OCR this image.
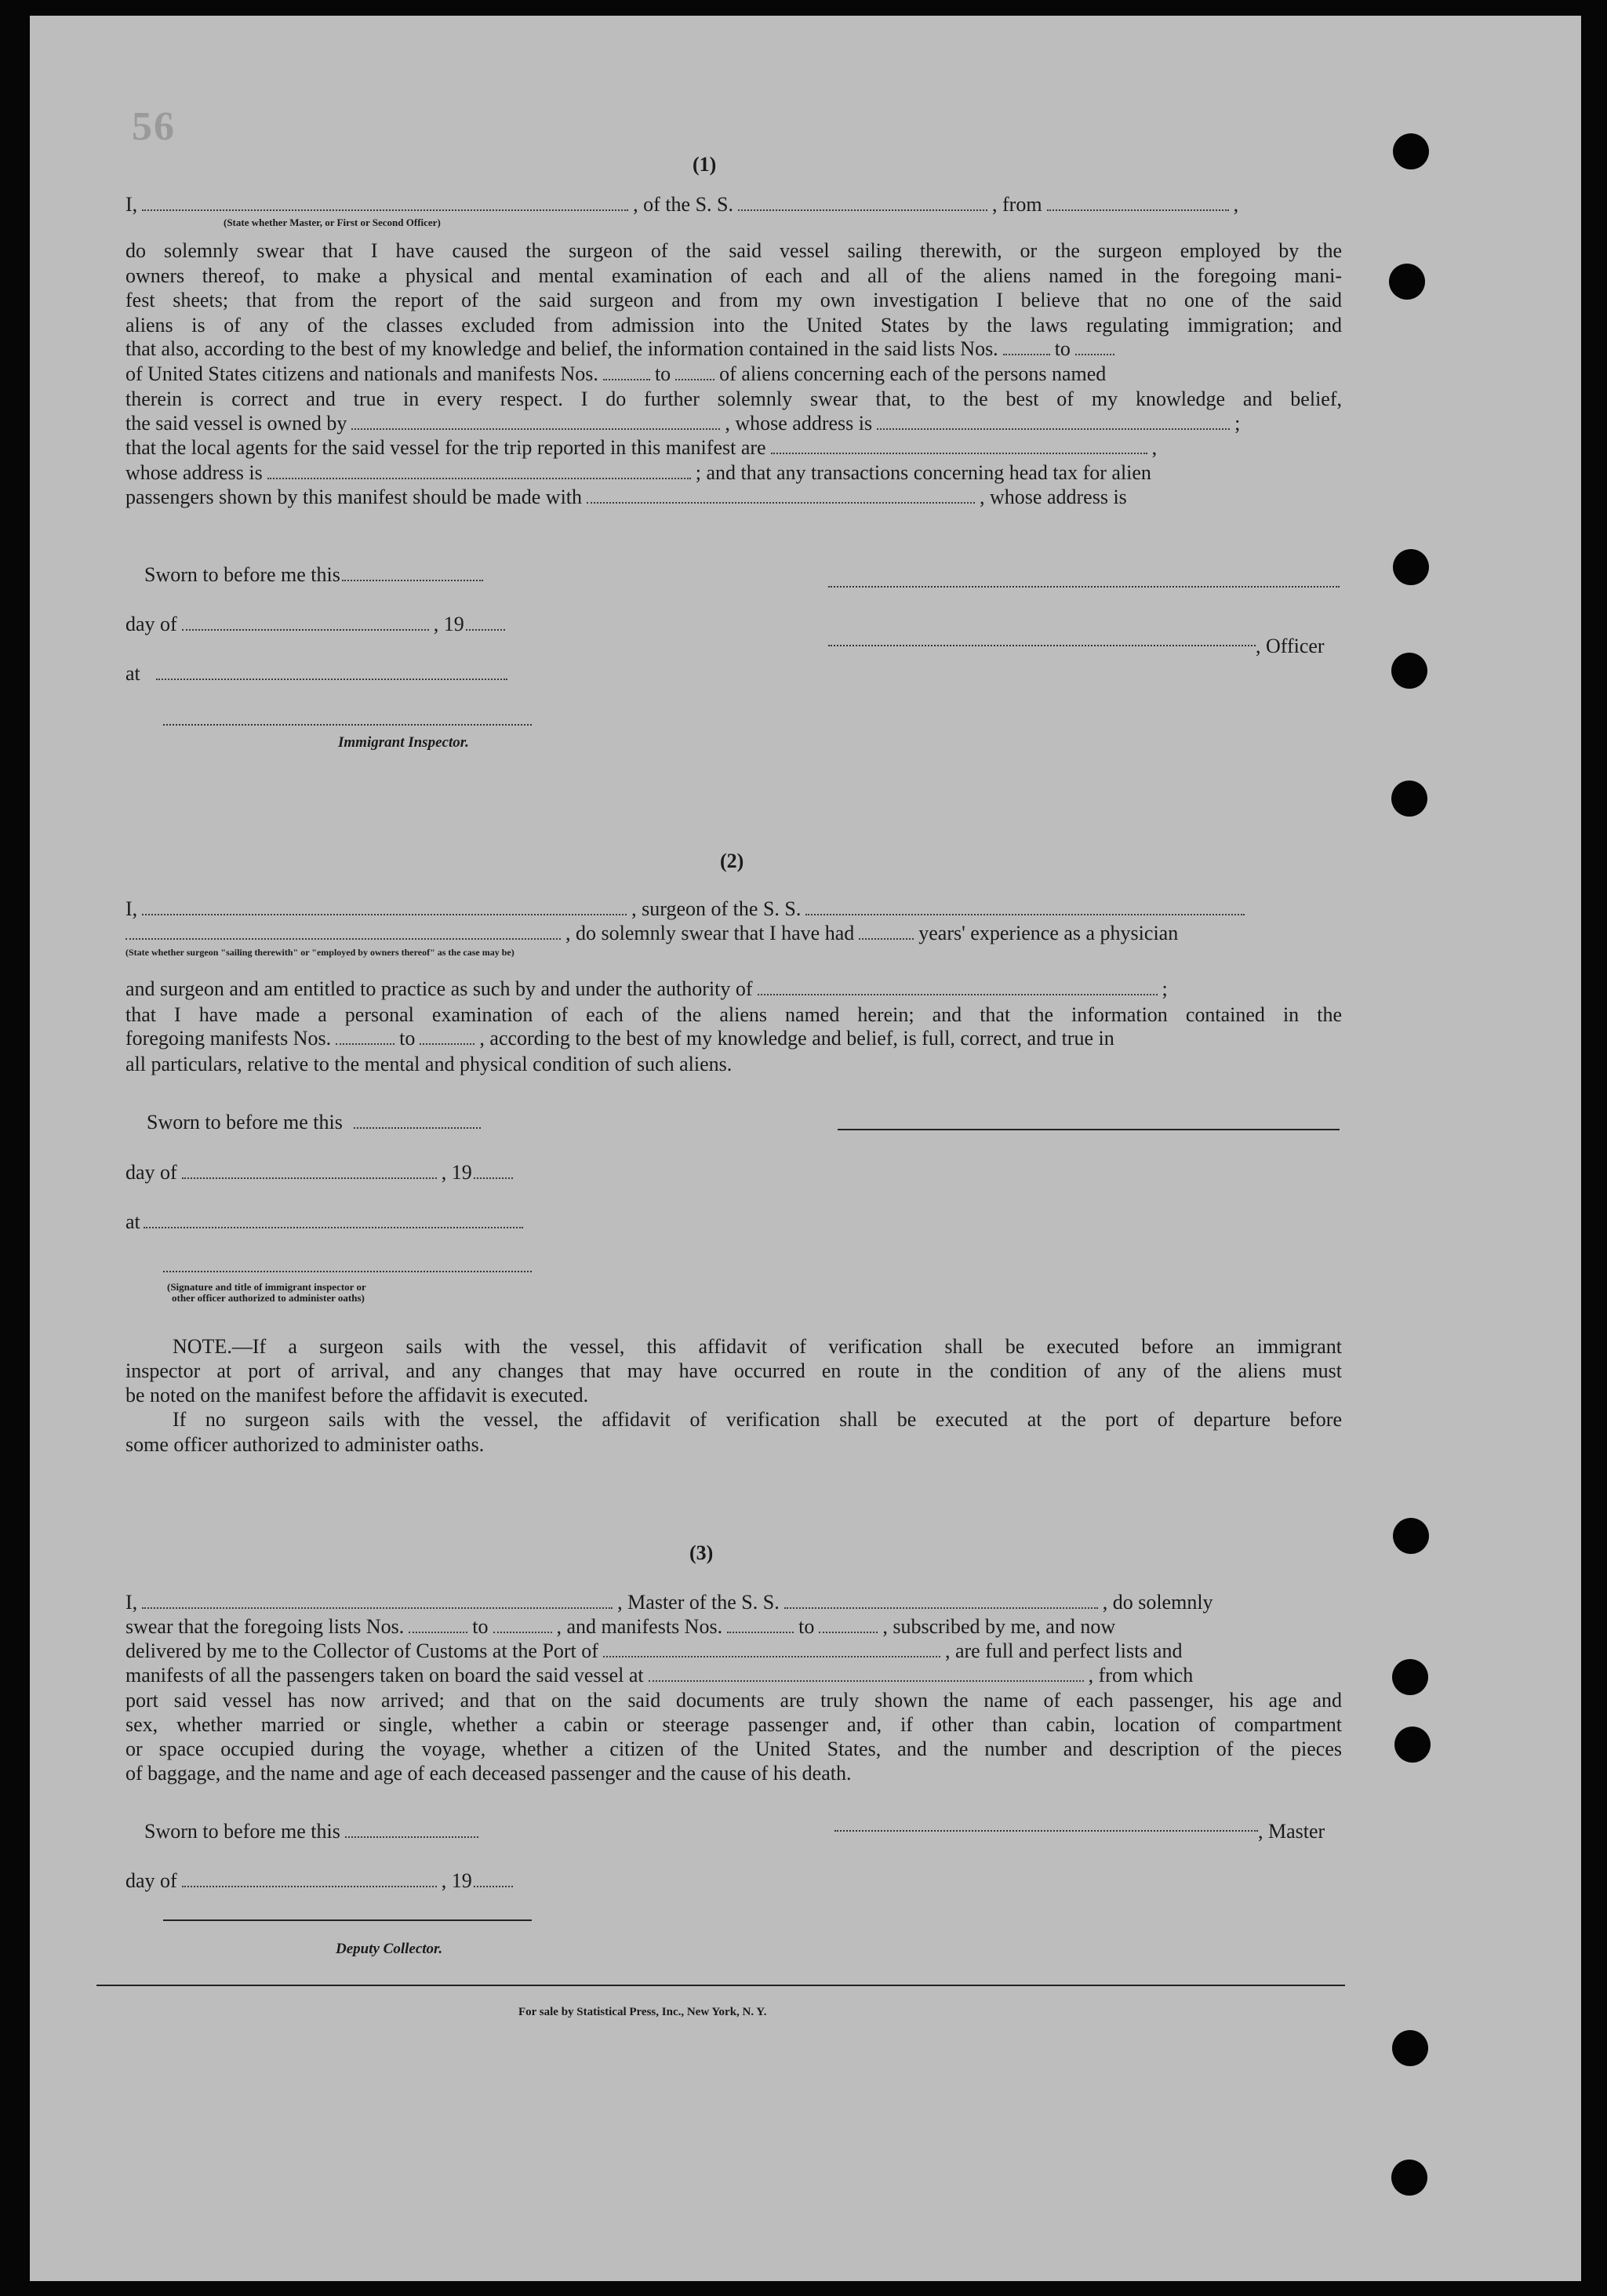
56

(1)
I,	, of the S. S.	, from	,
(State whether Master, or First or Second Officer)
do solemnly swear that I have caused the surgeon of the said vessel sailing therewith, or the surgeon employed by the
owners thereof, to make a physical and mental examination of each and all of the aliens named in the foregoing mani-
fest sheets; that from the report of the said surgeon and from my own investigation I believe that no one of the said
aliens is of any of the classes excluded from admission into the United States by the laws regulating immigration; and
that also, according to the best of my knowledge and belief, the information contained in the said lists Nos.	to
of United States citizens and nationals and manifests Nos.	to of aliens concerning each of the persons named
therein is correct and true in every respect. I do further solemnly swear that, to the best of my knowledge and belief,
the said vessel is owned by	, whose address is	;
that the local agents for the said vessel for the trip reported in this manifest are	,
whose address is	; and that any transactions concerning head tax for alien
passengers shown by this manifest should be made with	, whose address is
Sworn to before me this
day of	, 19
, Officer
at
Immigrant Inspector.
(2)
I,	, surgeon of the S. S.
, do solemnly swear that I have had	years' experience as a physician
(State whether surgeon "sailing therewith" or "employed by owners thereof" as the case may be)
and surgeon and am entitled to practice as such by and under the authority of	;
that I have made a personal examination of each of the aliens named herein; and that the information contained in the
foregoing manifests Nos.	to	, according to the best of my knowledge and belief, is full, correct, and true in
all particulars, relative to the mental and physical condition of such aliens.
Sworn to before me this
day of	, 19
at
(Signature and title of immigrant inspector or
other officer authorized to administer oaths)
NOTE.—If a surgeon sails with the vessel, this affidavit of verification shall be executed before an immigrant
inspector at port of arrival, and any changes that may have occurred en route in the condition of any of the aliens must
be noted on the manifest before the affidavit is executed.
If no surgeon sails with the vessel, the affidavit of verification shall be executed at the port of departure before
some officer authorized to administer oaths.
(3)
I,	, Master of the S. S.	, do solemnly
swear that the foregoing lists Nos.	to	, and manifests Nos.	to	, subscribed by me, and now
delivered by me to the Collector of Customs at the Port of	, are full and perfect lists and
manifests of all the passengers taken on board the said vessel at	, from which
port said vessel has now arrived; and that on the said documents are truly shown the name of each passenger, his age and
sex, whether married or single, whether a cabin or steerage passenger and, if other than cabin, location of compartment
or space occupied during the voyage, whether a citizen of the United States, and the number and description of the pieces
of baggage, and the name and age of each deceased passenger and the cause of his death.
Sworn to before me this	, Master
day of	, 19
Deputy Collector.
For sale by Statistical Press, Inc., New York, N. Y.
